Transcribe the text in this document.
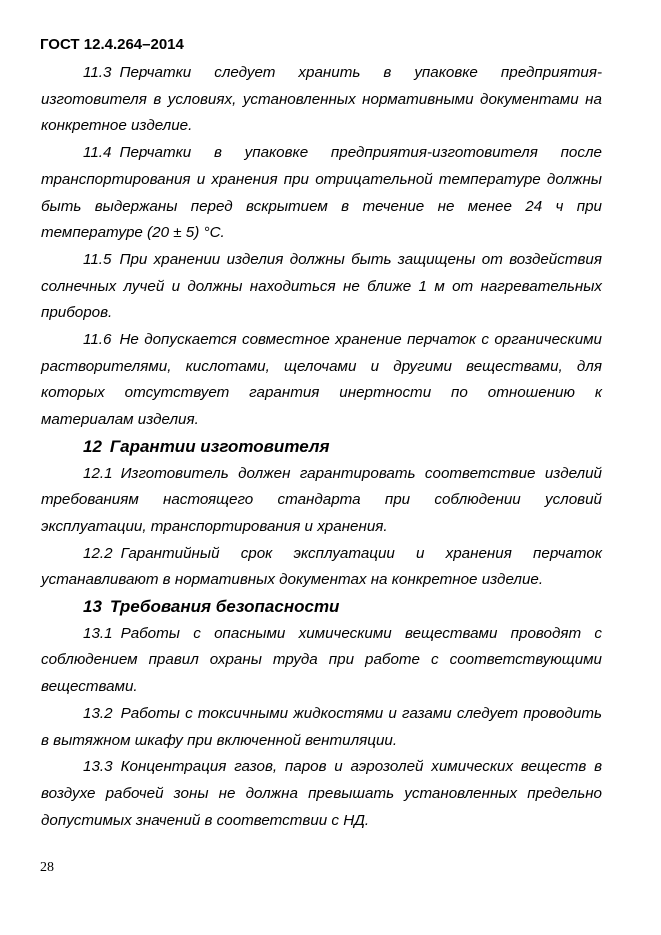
ГОСТ 12.4.264–2014

11.3 Перчатки следует хранить в упаковке предприятия-изготовителя в условиях, установленных нормативными документами на конкретное изделие.

11.4 Перчатки в упаковке предприятия-изготовителя после транспортирования и хранения при отрицательной температуре должны быть выдержаны перед вскрытием в течение не менее 24 ч при температуре (20 ± 5) °С.

11.5 При хранении изделия должны быть защищены от воздействия солнечных лучей и должны находиться не ближе 1 м от нагревательных приборов.

11.6 Не допускается совместное хранение перчаток с органическими растворителями, кислотами, щелочами и другими веществами, для которых отсутствует гарантия инертности по отношению к материалам изделия.

12 Гарантии изготовителя

12.1 Изготовитель должен гарантировать соответствие изделий требованиям настоящего стандарта при соблюдении условий эксплуатации, транспортирования и хранения.

12.2 Гарантийный срок эксплуатации и хранения перчаток устанавливают в нормативных документах на конкретное изделие.

13 Требования безопасности

13.1 Работы с опасными химическими веществами проводят с соблюдением правил охраны труда при работе с соответствующими веществами.

13.2 Работы с токсичными жидкостями и газами следует проводить в вытяжном шкафу при включенной вентиляции.

13.3 Концентрация газов, паров и аэрозолей химических веществ в воздухе рабочей зоны не должна превышать установленных предельно допустимых значений в соответствии с НД.

28
